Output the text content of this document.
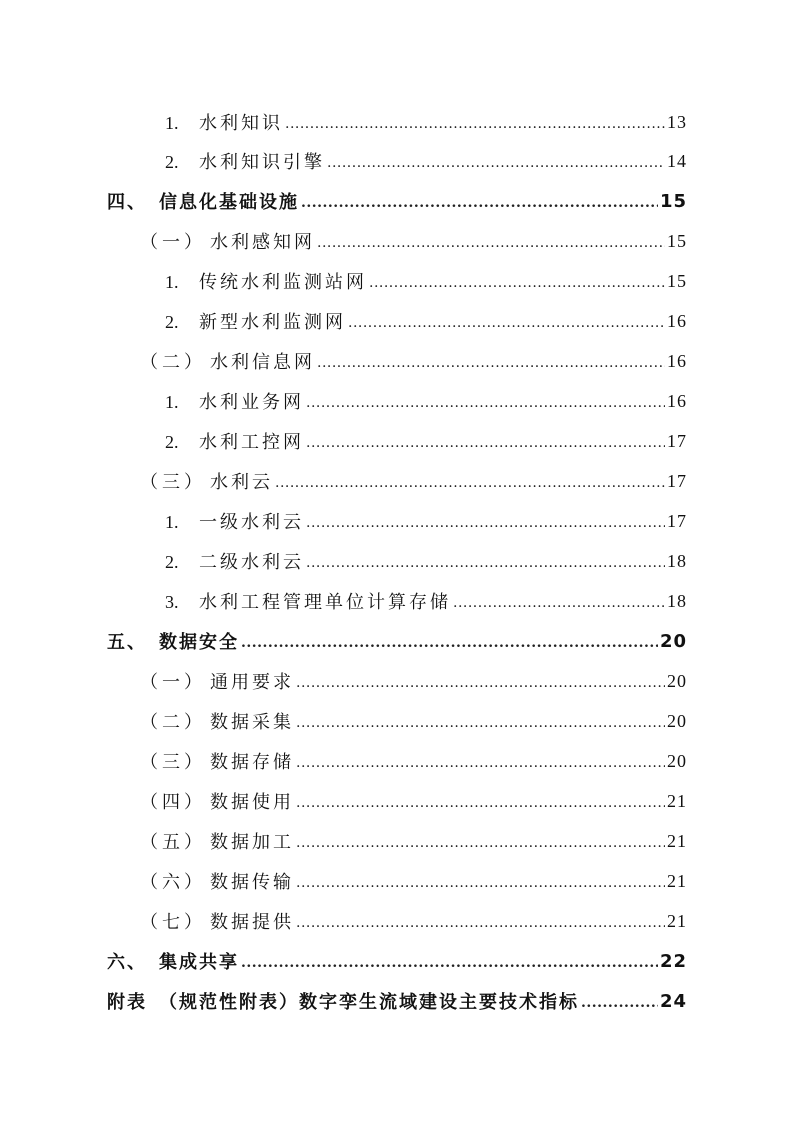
1. 水利知识 .....	13
2. 水利知识引擎 .....	14
四、 信息化基础设施 .....	15
（一） 水利感知网 .....	15
1. 传统水利监测站网 .....	15
2. 新型水利监测网 .....	16
（二） 水利信息网 .....	16
1. 水利业务网 .....	16
2. 水利工控网 .....	17
（三） 水利云 .....	17
1. 一级水利云 .....	17
2. 二级水利云 .....	18
3. 水利工程管理单位计算存储 .....	18
五、 数据安全 .....	20
（一） 通用要求 .....	20
（二） 数据采集 .....	20
（三） 数据存储 .....	20
（四） 数据使用 .....	21
（五） 数据加工 .....	21
（六） 数据传输 .....	21
（七） 数据提供 .....	21
六、 集成共享 .....	22
附表 （规范性附表）数字孪生流域建设主要技术指标 .....	24
